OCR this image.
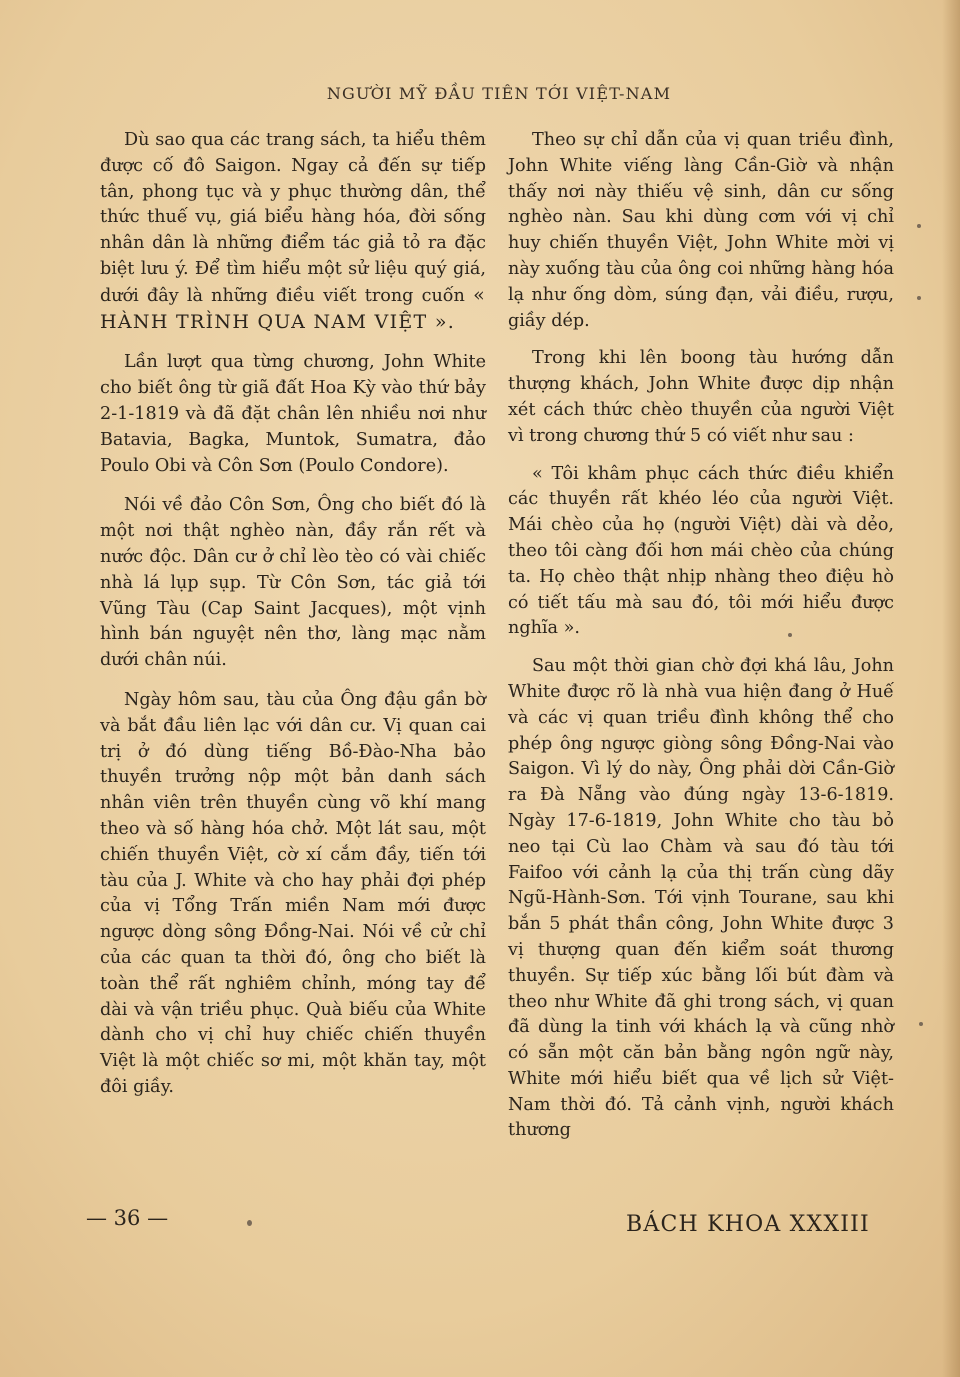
NGƯỜI MỸ ĐẦU TIÊN TỚI VIỆT-NAM

Dù sao qua các trang sách, ta hiểu thêm được cố đô Saigon. Ngay cả đến sự tiếp tân, phong tục và y phục thường dân, thể thức thuế vụ, giá biểu hàng hóa, đời sống nhân dân là những điểm tác giả tỏ ra đặc biệt lưu ý. Để tìm hiểu một sử liệu quý giá, dưới đây là những điều viết trong cuốn « HÀNH TRÌNH QUA NAM VIỆT ».

Lần lượt qua từng chương, John White cho biết ông từ giã đất Hoa Kỳ vào thứ bảy 2-1-1819 và đã đặt chân lên nhiều nơi như Batavia, Bagka, Muntok, Sumatra, đảo Poulo Obi và Côn Sơn (Poulo Condore).

Nói về đảo Côn Sơn, Ông cho biết đó là một nơi thật nghèo nàn, đầy rắn rết và nước độc. Dân cư ở chỉ lèo tèo có vài chiếc nhà lá lụp sụp. Từ Côn Sơn, tác giả tới Vũng Tàu (Cap Saint Jacques), một vịnh hình bán nguyệt nên thơ, làng mạc nằm dưới chân núi.

Ngày hôm sau, tàu của Ông đậu gần bờ và bắt đầu liên lạc với dân cư. Vị quan cai trị ở đó dùng tiếng Bồ-Đào-Nha bảo thuyền trưởng nộp một bản danh sách nhân viên trên thuyền cùng võ khí mang theo và số hàng hóa chở. Một lát sau, một chiến thuyền Việt, cờ xí cắm đầy, tiến tới tàu của J. White và cho hay phải đợi phép của vị Tổng Trấn miền Nam mới được ngược dòng sông Đồng-Nai. Nói về cử chỉ của các quan ta thời đó, ông cho biết là toàn thể rất nghiêm chỉnh, móng tay để dài và vận triều phục. Quà biếu của White dành cho vị chỉ huy chiếc chiến thuyền Việt là một chiếc sơ mi, một khăn tay, một đôi giầy.

Theo sự chỉ dẫn của vị quan triều đình, John White viếng làng Cần-Giờ và nhận thấy nơi này thiếu vệ sinh, dân cư sống nghèo nàn. Sau khi dùng cơm với vị chỉ huy chiến thuyền Việt, John White mời vị này xuống tàu của ông coi những hàng hóa lạ như ống dòm, súng đạn, vải điều, rượu, giầy dép.

Trong khi lên boong tàu hướng dẫn thượng khách, John White được dịp nhận xét cách thức chèo thuyền của người Việt vì trong chương thứ 5 có viết như sau :

« Tôi khâm phục cách thức điều khiển các thuyền rất khéo léo của người Việt. Mái chèo của họ (người Việt) dài và dẻo, theo tôi càng đối hơn mái chèo của chúng ta. Họ chèo thật nhịp nhàng theo điệu hò có tiết tấu mà sau đó, tôi mới hiểu được nghĩa ».

Sau một thời gian chờ đợi khá lâu, John White được rõ là nhà vua hiện đang ở Huế và các vị quan triều đình không thể cho phép ông ngược giòng sông Đồng-Nai vào Saigon. Vì lý do này, Ông phải dời Cần-Giờ ra Đà Nẵng vào đúng ngày 13-6-1819. Ngày 17-6-1819, John White cho tàu bỏ neo tại Cù lao Chàm và sau đó tàu tới Faifoo với cảnh lạ của thị trấn cùng dãy Ngũ-Hành-Sơn. Tới vịnh Tourane, sau khi bắn 5 phát thần công, John White được 3 vị thượng quan đến kiểm soát thương thuyền. Sự tiếp xúc bằng lối bút đàm và theo như White đã ghi trong sách, vị quan đã dùng la tinh với khách lạ và cũng nhờ có sẵn một căn bản bằng ngôn ngữ này, White mới hiểu biết qua về lịch sử Việt-Nam thời đó. Tả cảnh vịnh, người khách thương

— 36 —	BÁCH KHOA XXXIII
